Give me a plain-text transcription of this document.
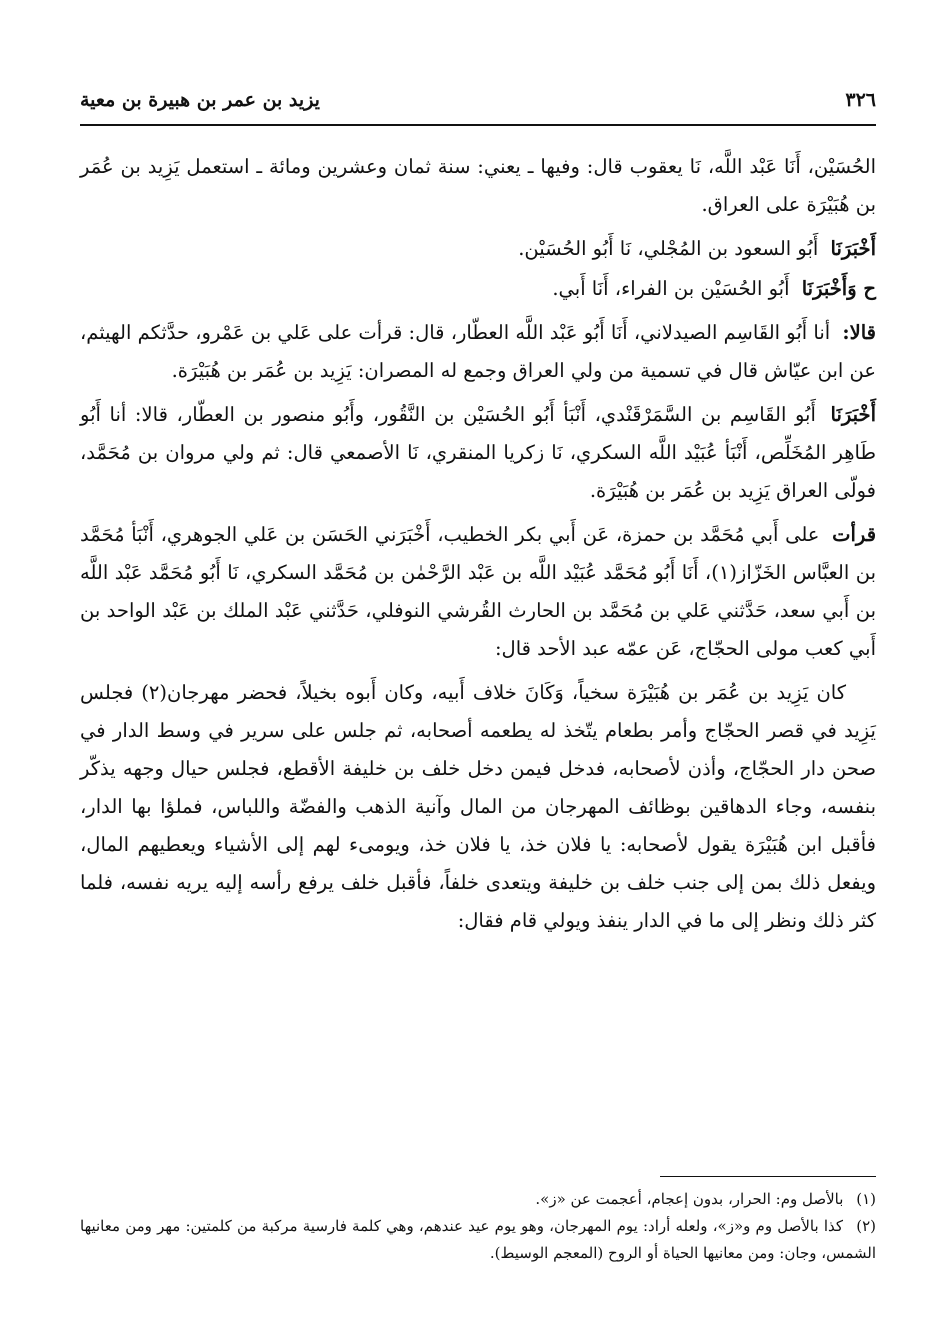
٣٢٦
يزيد بن عمر بن هبيرة بن معية

الحُسَيْن، أَنَا عَبْد اللَّه، نَا يعقوب قال: وفيها ـ يعني: سنة ثمان وعشرين ومائة ـ استعمل يَزِيد بن عُمَر بن هُبَيْرَة على العراق.

أَخْبَرَنَا أَبُو السعود بن المُجْلي، نَا أَبُو الحُسَيْن.

ح وَأَخْبَرَنَا أَبُو الحُسَيْن بن الفراء، أَنَا أَبي.

قالا: أنا أَبُو القَاسِم الصيدلاني، أَنَا أَبُو عَبْد اللَّه العطّار، قال: قرأت على عَلي بن عَمْرو، حدَّثكم الهيثم، عن ابن عيّاش قال في تسمية من ولي العراق وجمع له المصران: يَزِيد بن عُمَر بن هُبَيْرَة.

أَخْبَرَنَا أَبُو القَاسِم بن السَّمَرْقَنْدي، أَنْبَأ أَبُو الحُسَيْن بن النَّقُور، وأَبُو منصور بن العطّار، قالا: أنا أَبُو طَاهِر المُخَلِّص، أَنْبَأ عُبَيْد اللَّه السكري، نَا زكريا المنقري، نَا الأصمعي قال: ثم ولي مروان بن مُحَمَّد، فولّى العراق يَزِيد بن عُمَر بن هُبَيْرَة.

قرأت على أَبي مُحَمَّد بن حمزة، عَن أَبي بكر الخطيب، أَخْبَرَني الحَسَن بن عَلي الجوهري، أَنْبَأ مُحَمَّد بن العبَّاس الخَزّاز(١)، أَنَا أَبُو مُحَمَّد عُبَيْد اللَّه بن عَبْد الرَّحْمٰن بن مُحَمَّد السكري، نَا أَبُو مُحَمَّد عَبْد اللَّه بن أَبي سعد، حَدَّثني عَلي بن مُحَمَّد بن الحارث القُرشي النوفلي، حَدَّثني عَبْد الملك بن عَبْد الواحد بن أَبي كعب مولى الحجّاج، عَن عمّه عبد الأحد قال:

كان يَزِيد بن عُمَر بن هُبَيْرَة سخياً، وَكَانَ خلاف أَبيه، وكان أَبوه بخيلاً، فحضر مهرجان(٢) فجلس يَزِيد في قصر الحجّاج وأمر بطعام يتّخذ له يطعمه أصحابه، ثم جلس على سرير في وسط الدار في صحن دار الحجّاج، وأذن لأصحابه، فدخل فيمن دخل خلف بن خليفة الأقطع، فجلس حيال وجهه يذكّر بنفسه، وجاء الدهاقين بوظائف المهرجان من المال وآنية الذهب والفضّة واللباس، فملؤا بها الدار، فأقبل ابن هُبَيْرَة يقول لأصحابه: يا فلان خذ، يا فلان خذ، ويومىء لهم إلى الأشياء ويعطيهم المال، ويفعل ذلك بمن إلى جنب خلف بن خليفة ويتعدى خلفاً، فأقبل خلف يرفع رأسه إليه يريه نفسه، فلما كثر ذلك ونظر إلى ما في الدار ينفذ ويولي قام فقال:

(١) بالأصل وم: الحرار، بدون إعجام، أعجمت عن «ز».

(٢) كذا بالأصل وم و«ز»، ولعله أراد: يوم المهرجان، وهو يوم عيد عندهم، وهي كلمة فارسية مركبة من كلمتين: مهر ومن معانيها الشمس، وجان: ومن معانيها الحياة أو الروح (المعجم الوسيط).
